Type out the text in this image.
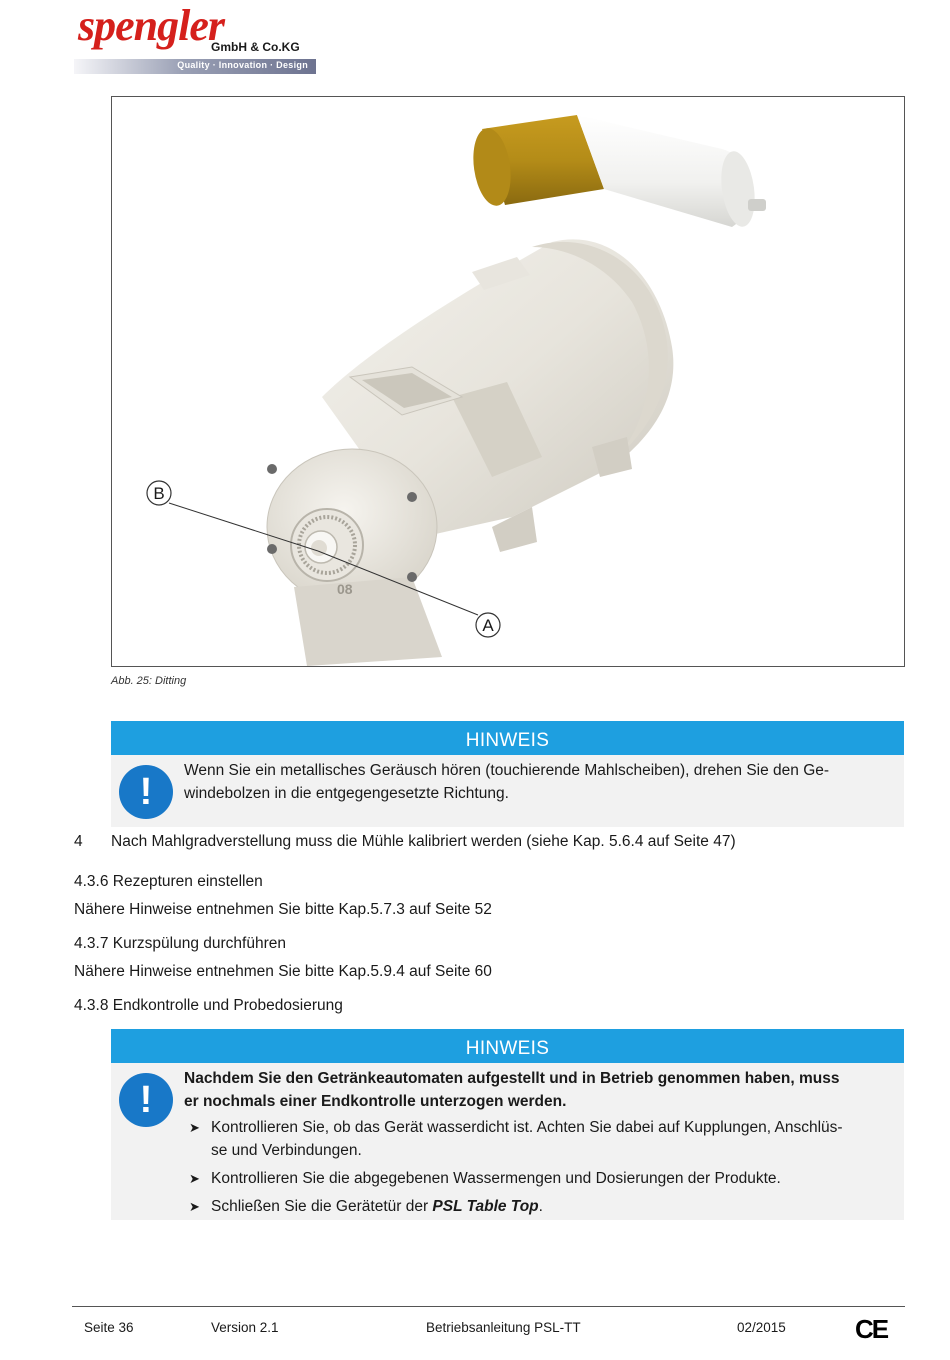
spengler
GmbH & Co.KG
Quality · Innovation · Design
08
B
A
Abb. 25: Ditting
HINWEIS
!
Wenn Sie ein metallisches Geräusch hören (touchierende Mahlscheiben), drehen Sie den Ge-
windebolzen in die entgegengesetzte Richtung.
4 Nach Mahlgradverstellung muss die Mühle kalibriert werden (siehe Kap. 5.6.4 auf Seite 47)
4.3.6 Rezepturen einstellen
Nähere Hinweise entnehmen Sie bitte Kap.5.7.3 auf Seite 52
4.3.7 Kurzspülung durchführen
Nähere Hinweise entnehmen Sie bitte Kap.5.9.4 auf Seite 60
4.3.8 Endkontrolle und Probedosierung
HINWEIS
!
Nachdem Sie den Getränkeautomaten aufgestellt und in Betrieb genommen haben, muss
er nochmals einer Endkontrolle unterzogen werden.
➤ Kontrollieren Sie, ob das Gerät wasserdicht ist. Achten Sie dabei auf Kupplungen, Anschlüs-
se und Verbindungen.
➤ Kontrollieren Sie die abgegebenen Wassermengen und Dosierungen der Produkte.
➤ Schließen Sie die Gerätetür der PSL Table Top.
Seite 36	Version 2.1	Betriebsanleitung PSL-TT	02/2015	CE
